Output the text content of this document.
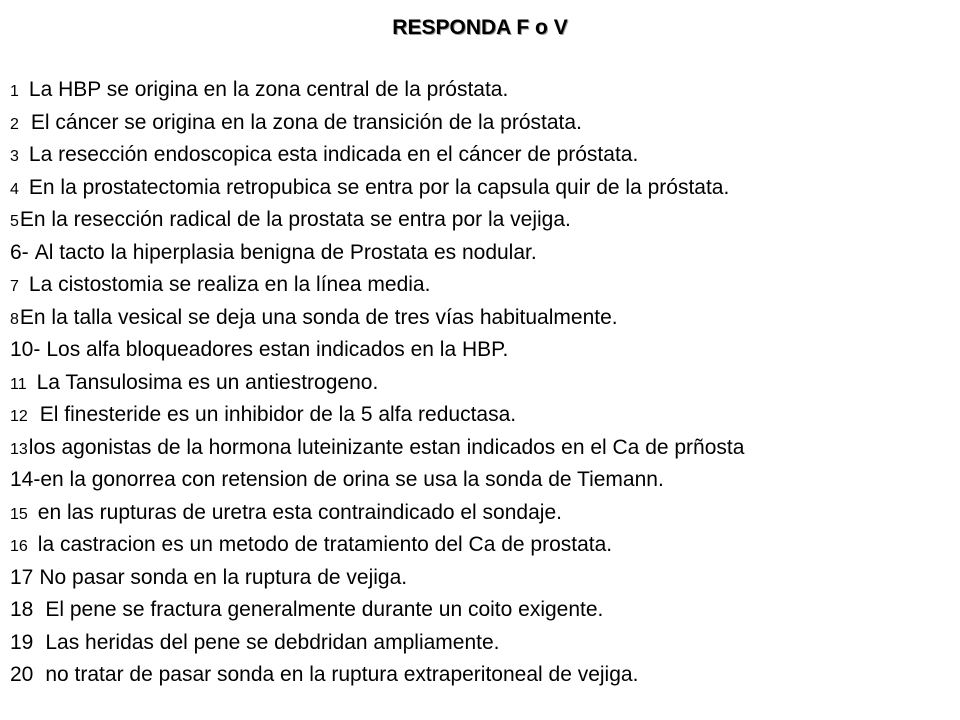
RESPONDA F o V
1 La HBP se origina en la zona central de la próstata.
2 El cáncer se origina en la zona de transición de la próstata.
3 La resección endoscopica esta indicada en el cáncer de próstata.
4 En la prostatectomia retropubica se entra por la capsula quir de la próstata.
5En la resección radical de la prostata se entra por la vejiga.
6- Al tacto la hiperplasia benigna de Prostata es nodular.
7 La cistostomia se realiza en la línea media.
8En la talla vesical se deja una sonda de tres vías habitualmente.
10- Los alfa bloqueadores estan indicados en la HBP.
11 La Tansulosima es un antiestrogeno.
12 El finesteride es un inhibidor de la 5 alfa reductasa.
13los agonistas de la hormona luteinizante estan indicados en el Ca de prñosta
14-en la gonorrea con retension de orina se usa la sonda de Tiemann.
15 en las rupturas de uretra esta contraindicado el sondaje.
16 la castracion es un metodo de tratamiento del Ca de prostata.
17 No pasar sonda en la ruptura de vejiga.
18 El pene se fractura generalmente durante un coito exigente.
19 Las heridas del pene se debdridan ampliamente.
20 no tratar de pasar sonda en la ruptura extraperitoneal de vejiga.
